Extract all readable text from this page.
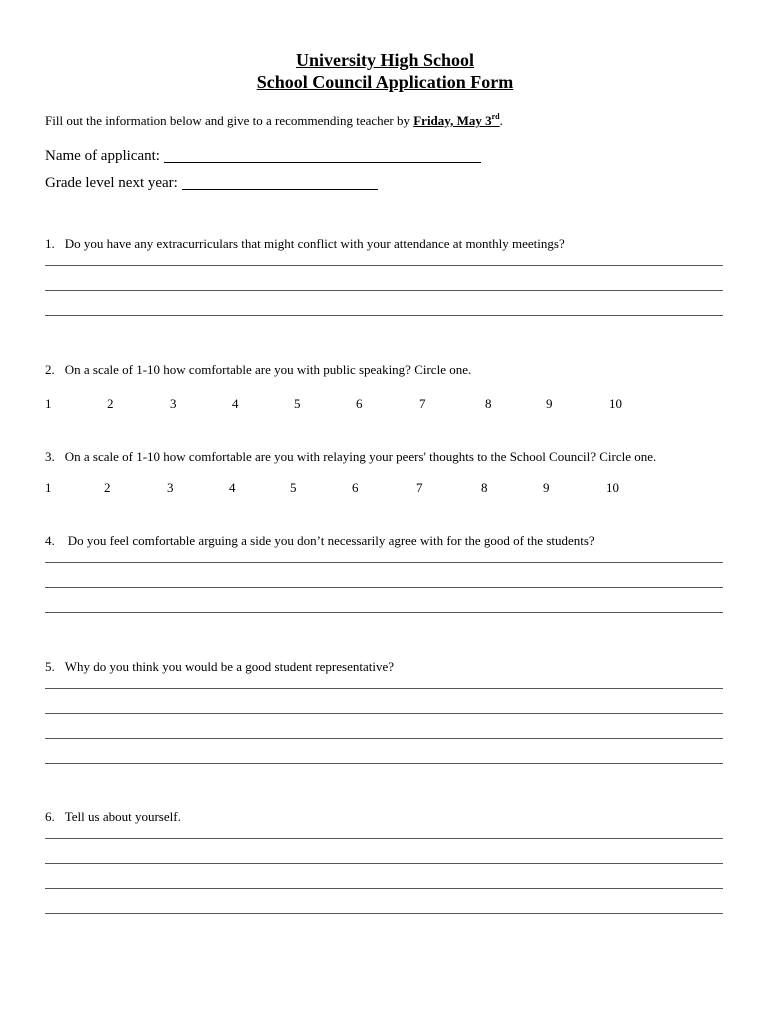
University High School
School Council Application Form
Fill out the information below and give to a recommending teacher by Friday, May 3rd.
Name of applicant:
Grade level next year:
1. Do you have any extracurriculars that might conflict with your attendance at monthly meetings?
2. On a scale of 1-10 how comfortable are you with public speaking? Circle one.
1	2	3	4	5	6	7	8	9	10
3. On a scale of 1-10 how comfortable are you with relaying your peers' thoughts to the School Council? Circle one.
1	2	3	4	5	6	7	8	9	10
4. Do you feel comfortable arguing a side you don’t necessarily agree with for the good of the students?
5. Why do you think you would be a good student representative?
6. Tell us about yourself.
